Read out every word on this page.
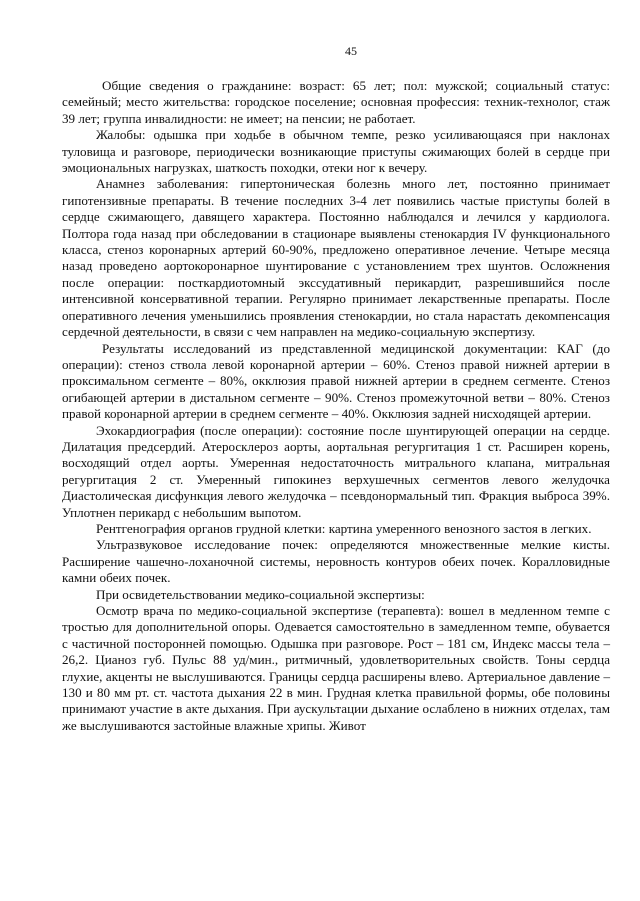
45

Общие сведения о гражданине: возраст: 65 лет; пол: мужской; социальный статус: семейный; место жительства: городское поселение; основная профессия: техник-технолог, стаж 39 лет; группа инвалидности: не имеет; на пенсии; не работает.

Жалобы: одышка при ходьбе в обычном темпе, резко усиливающаяся при наклонах туловища и разговоре, периодически возникающие приступы сжимающих болей в сердце при эмоциональных нагрузках, шаткость походки, отеки ног к вечеру.

Анамнез заболевания: гипертоническая болезнь много лет, постоянно принимает гипотензивные препараты. В течение последних 3-4 лет появились частые приступы болей в сердце сжимающего, давящего характера. Постоянно наблюдался и лечился у кардиолога. Полтора года назад при обследовании в стационаре выявлены стенокардия IV функционального класса, стеноз коронарных артерий 60-90%, предложено оперативное лечение. Четыре месяца назад проведено аортокоронарное шунтирование с установлением трех шунтов. Осложнения после операции: посткардиотомный экссудативный перикардит, разрешившийся после интенсивной консервативной терапии. Регулярно принимает лекарственные препараты. После оперативного лечения уменьшились проявления стенокардии, но стала нарастать декомпенсация сердечной деятельности, в связи с чем направлен на медико-социальную экспертизу.

Результаты исследований из представленной медицинской документации: КАГ (до операции): стеноз ствола левой коронарной артерии – 60%. Стеноз правой нижней артерии в проксимальном сегменте – 80%, окклюзия правой нижней артерии в среднем сегменте. Стеноз огибающей артерии в дистальном сегменте – 90%. Стеноз промежуточной ветви – 80%. Стеноз правой коронарной артерии в среднем сегменте – 40%. Окклюзия задней нисходящей артерии.

Эхокардиография (после операции): состояние после шунтирующей операции на сердце. Дилатация предсердий. Атеросклероз аорты, аортальная регургитация 1 ст. Расширен корень, восходящий отдел аорты. Умеренная недостаточность митрального клапана, митральная регургитация 2 ст. Умеренный гипокинез верхушечных сегментов левого желудочка Диастолическая дисфункция левого желудочка – псевдонормальный тип. Фракция выброса 39%. Уплотнен перикард с небольшим выпотом.

Рентгенография органов грудной клетки: картина умеренного венозного застоя в легких.

Ультразвуковое исследование почек: определяются множественные мелкие кисты. Расширение чашечно-лоханочной системы, неровность контуров обеих почек. Коралловидные камни обеих почек.

При освидетельствовании медико-социальной экспертизы:

Осмотр врача по медико-социальной экспертизе (терапевта): вошел в медленном темпе с тростью для дополнительной опоры. Одевается самостоятельно в замедленном темпе, обувается с частичной посторонней помощью. Одышка при разговоре. Рост – 181 см, Индекс массы тела – 26,2. Цианоз губ. Пульс 88 уд/мин., ритмичный, удовлетворительных свойств. Тоны сердца глухие, акценты не выслушиваются. Границы сердца расширены влево. Артериальное давление – 130 и 80 мм рт. ст. частота дыхания 22 в мин. Грудная клетка правильной формы, обе половины принимают участие в акте дыхания. При аускультации дыхание ослаблено в нижних отделах, там же выслушиваются застойные влажные хрипы. Живот
